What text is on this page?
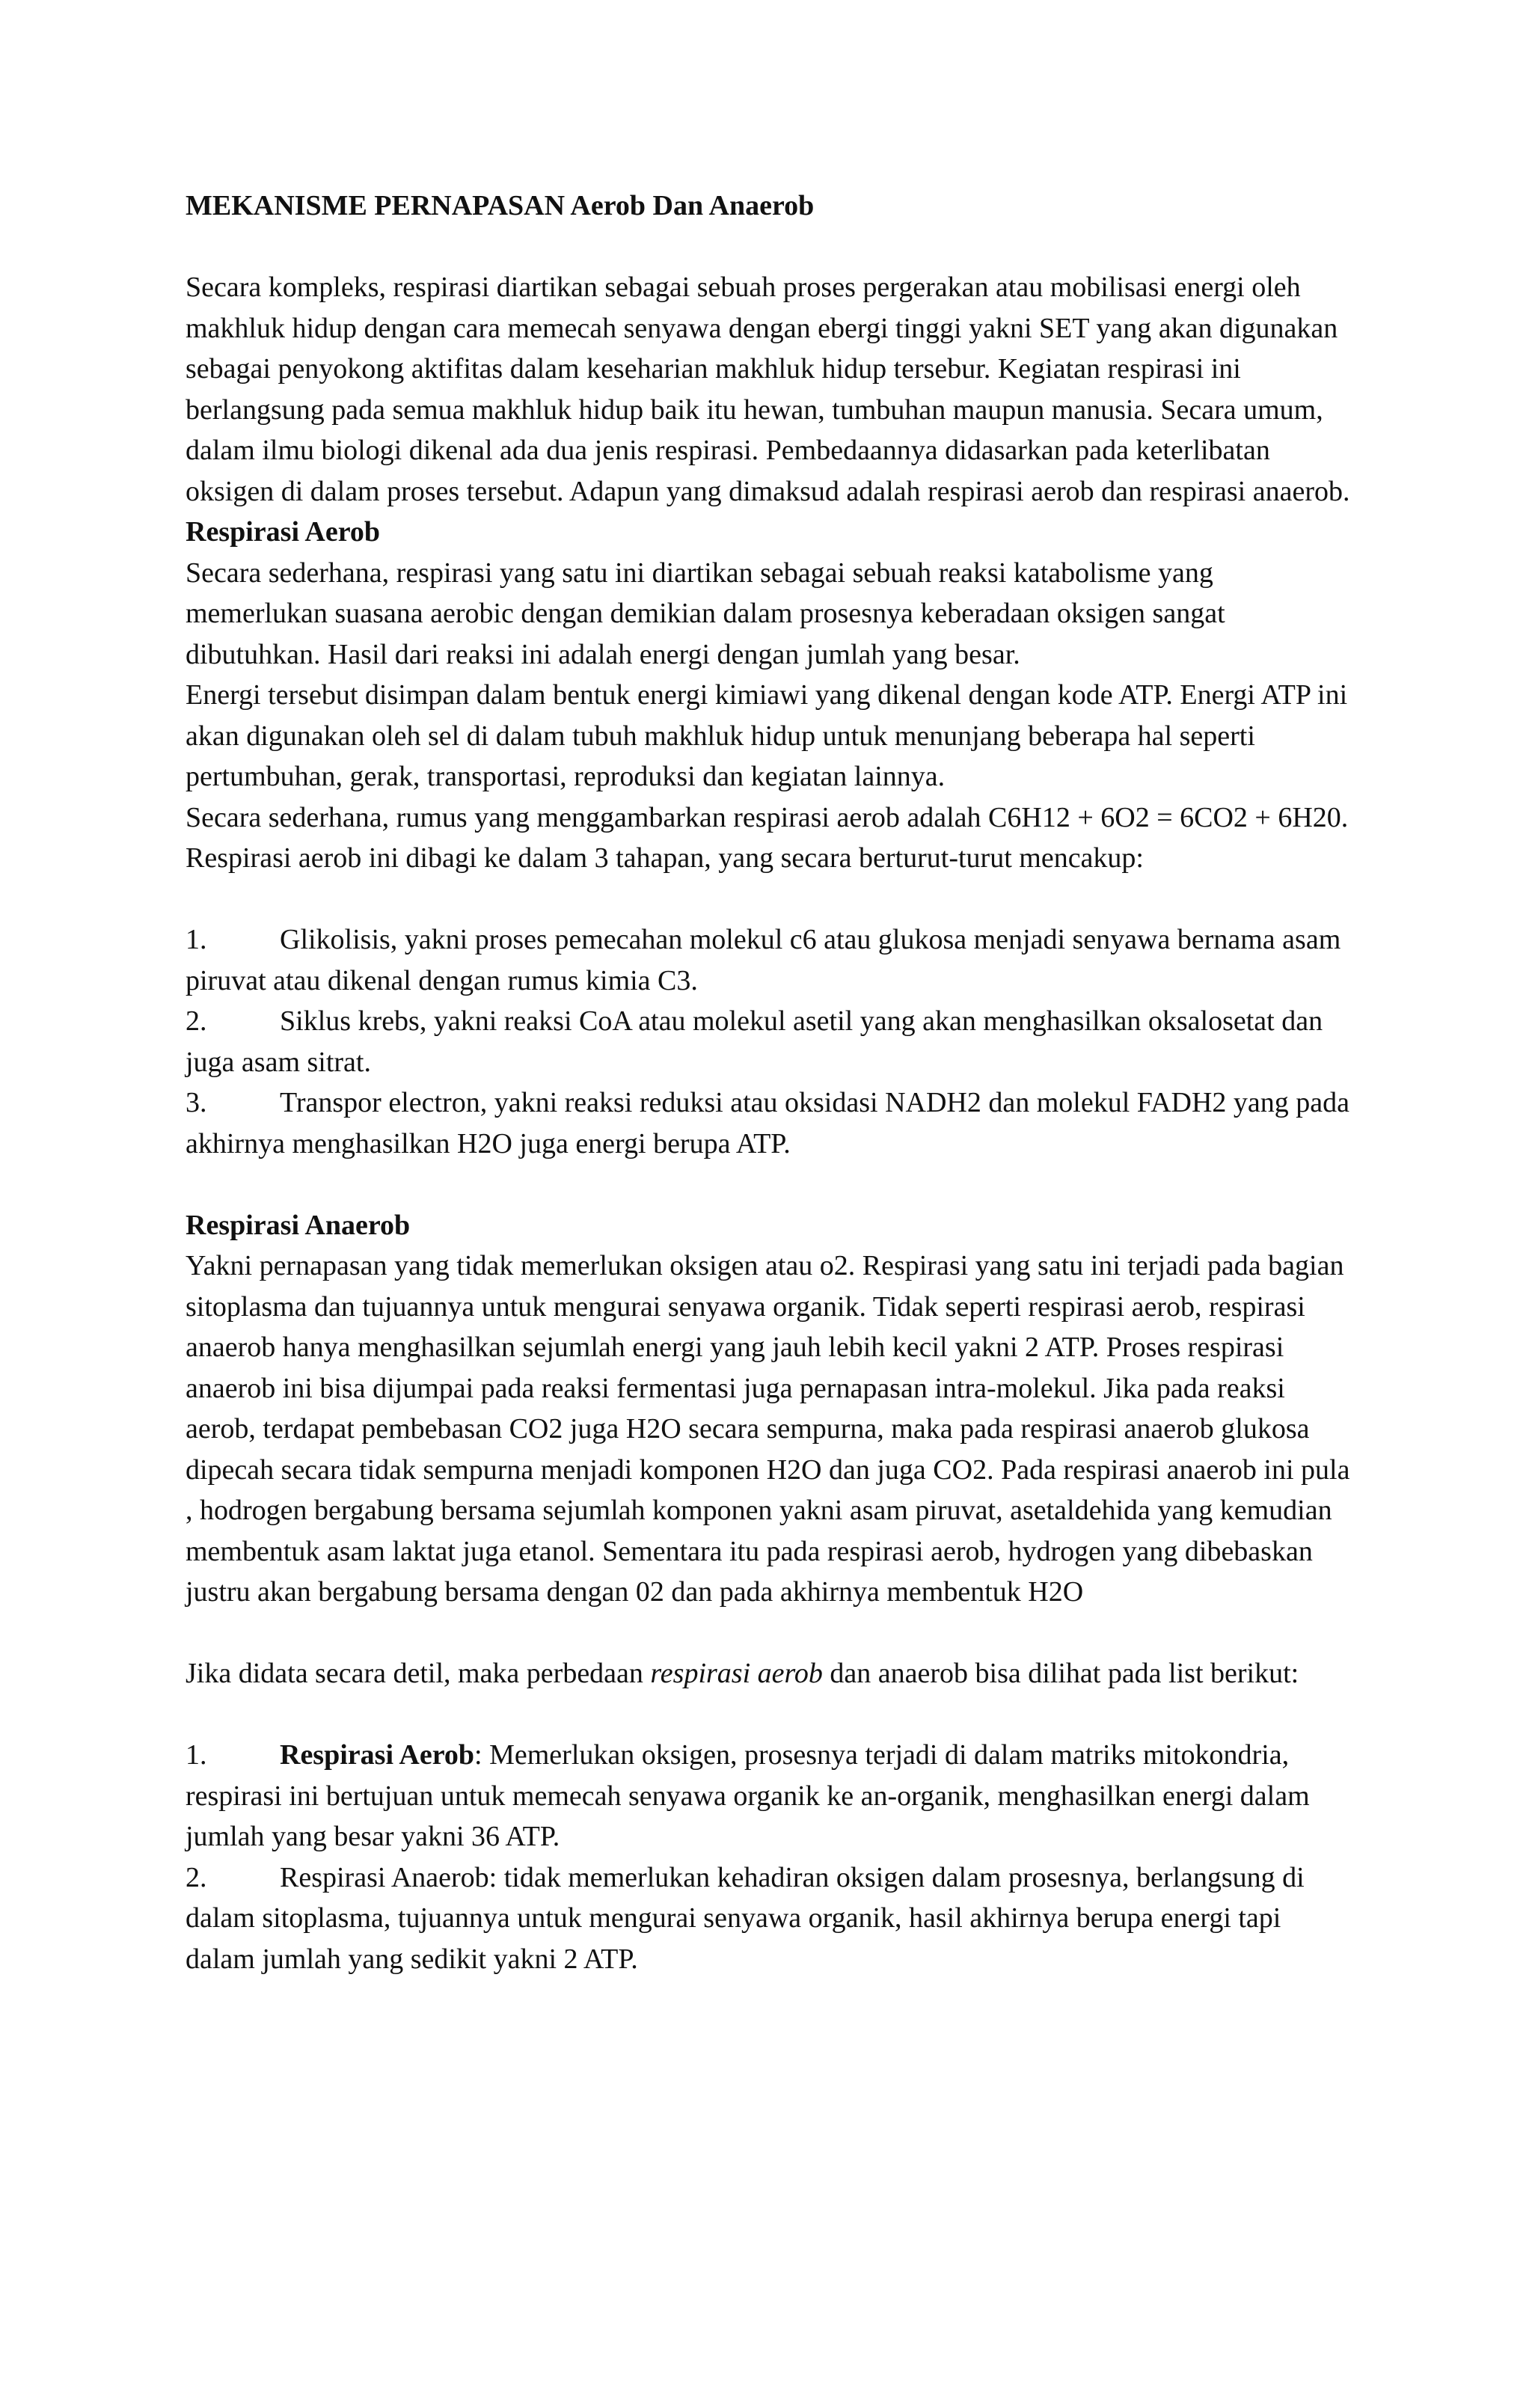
MEKANISME PERNAPASAN Aerob Dan Anaerob

Secara kompleks, respirasi diartikan sebagai sebuah proses pergerakan atau mobilisasi energi oleh makhluk hidup dengan cara memecah senyawa dengan ebergi tinggi yakni SET yang akan digunakan sebagai penyokong aktifitas dalam keseharian makhluk hidup tersebur. Kegiatan respirasi ini berlangsung pada semua makhluk hidup baik itu hewan, tumbuhan maupun manusia. Secara umum, dalam ilmu biologi dikenal ada dua jenis respirasi. Pembedaannya didasarkan pada keterlibatan oksigen di dalam proses tersebut. Adapun yang dimaksud adalah respirasi aerob dan respirasi anaerob.

Respirasi Aerob

Secara sederhana, respirasi yang satu ini diartikan sebagai sebuah reaksi katabolisme yang memerlukan suasana aerobic dengan demikian dalam prosesnya keberadaan oksigen sangat dibutuhkan. Hasil dari reaksi ini adalah energi dengan jumlah yang besar.

Energi tersebut disimpan dalam bentuk energi kimiawi yang dikenal dengan kode ATP. Energi ATP ini akan digunakan oleh sel di dalam tubuh makhluk hidup untuk menunjang beberapa hal seperti pertumbuhan, gerak, transportasi, reproduksi dan kegiatan lainnya.

Secara sederhana, rumus yang menggambarkan respirasi aerob adalah C6H12 + 6O2 = 6CO2 + 6H20.

Respirasi aerob ini dibagi ke dalam 3 tahapan, yang secara berturut-turut mencakup:

1.	Glikolisis, yakni proses pemecahan molekul c6 atau glukosa menjadi senyawa bernama asam piruvat atau dikenal dengan rumus kimia C3.

2.	Siklus krebs, yakni reaksi CoA atau molekul asetil yang akan menghasilkan oksalosetat dan juga asam sitrat.

3.	Transpor electron, yakni reaksi reduksi atau oksidasi NADH2 dan molekul FADH2 yang pada akhirnya menghasilkan H2O juga energi berupa ATP.

Respirasi Anaerob

Yakni pernapasan yang tidak memerlukan oksigen atau o2. Respirasi yang satu ini terjadi pada bagian sitoplasma dan tujuannya untuk mengurai senyawa organik. Tidak seperti respirasi aerob, respirasi anaerob hanya menghasilkan sejumlah energi yang jauh lebih kecil yakni 2 ATP. Proses respirasi anaerob ini bisa dijumpai pada reaksi fermentasi juga pernapasan intra-molekul. Jika pada reaksi aerob, terdapat pembebasan CO2 juga H2O secara sempurna, maka pada respirasi anaerob glukosa dipecah secara tidak sempurna menjadi komponen H2O dan juga CO2. Pada respirasi anaerob ini pula , hodrogen bergabung bersama sejumlah komponen yakni asam piruvat, asetaldehida yang kemudian membentuk asam laktat juga etanol. Sementara itu pada respirasi aerob, hydrogen yang dibebaskan justru akan bergabung bersama dengan 02 dan pada akhirnya membentuk H2O

Jika didata secara detil, maka perbedaan respirasi aerob dan anaerob bisa dilihat pada list berikut:

1.	Respirasi Aerob: Memerlukan oksigen, prosesnya terjadi di dalam matriks mitokondria, respirasi ini bertujuan untuk memecah senyawa organik ke an-organik, menghasilkan energi dalam jumlah yang besar yakni 36 ATP.

2.	Respirasi Anaerob: tidak memerlukan kehadiran oksigen dalam prosesnya, berlangsung di dalam sitoplasma, tujuannya untuk mengurai senyawa organik, hasil akhirnya berupa energi tapi dalam jumlah yang sedikit yakni 2 ATP.
